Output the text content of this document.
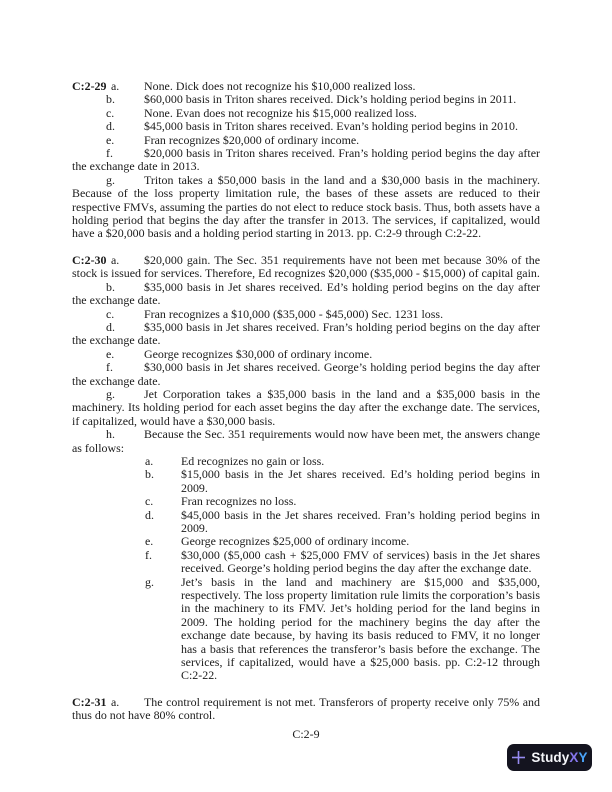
C:2-29 a. None. Dick does not recognize his $10,000 realized loss.

b. $60,000 basis in Triton shares received. Dick’s holding period begins in 2011.

c. None. Evan does not recognize his $15,000 realized loss.

d. $45,000 basis in Triton shares received. Evan’s holding period begins in 2010.

e. Fran recognizes $20,000 of ordinary income.

f.	$20,000 basis in Triton shares received. Fran’s holding period begins the day after the exchange date in 2013.

g. Triton takes a $50,000 basis in the land and a $30,000 basis in the machinery. Because of the loss property limitation rule, the bases of these assets are reduced to their respective FMVs, assuming the parties do not elect to reduce stock basis. Thus, both assets have a holding period that begins the day after the transfer in 2013. The services, if capitalized, would have a $20,000 basis and a holding period starting in 2013. pp. C:2-9 through C:2-22.

C:2-30 a. $20,000 gain. The Sec. 351 requirements have not been met because 30% of the stock is issued for services. Therefore, Ed recognizes $20,000 ($35,000 - $15,000) of capital gain.

b. $35,000 basis in Jet shares received. Ed’s holding period begins on the day after the exchange date.

c. Fran recognizes a $10,000 ($35,000 - $45,000) Sec. 1231 loss.

d. $35,000 basis in Jet shares received. Fran’s holding period begins on the day after the exchange date.

e. George recognizes $30,000 of ordinary income.

f.	$30,000 basis in Jet shares received. George’s holding period begins the day after the exchange date.

g. Jet Corporation takes a $35,000 basis in the land and a $35,000 basis in the machinery. Its holding period for each asset begins the day after the exchange date. The services, if capitalized, would have a $30,000 basis.

h. Because the Sec. 351 requirements would now have been met, the answers change as follows:

a. Ed recognizes no gain or loss.

b. $15,000 basis in the Jet shares received. Ed’s holding period begins in 2009.

c. Fran recognizes no loss.

d. $45,000 basis in the Jet shares received. Fran’s holding period begins in 2009.

e. George recognizes $25,000 of ordinary income.

f. $30,000 ($5,000 cash + $25,000 FMV of services) basis in the Jet shares received. George’s holding period begins the day after the exchange date.

g. Jet’s basis in the land and machinery are $15,000 and $35,000, respectively. The loss property limitation rule limits the corporation’s basis in the machinery to its FMV. Jet’s holding period for the land begins in 2009. The holding period for the machinery begins the day after the exchange date because, by having its basis reduced to FMV, it no longer has a basis that references the transferor’s basis before the exchange. The services, if capitalized, would have a $25,000 basis. pp. C:2-12 through C:2-22.

C:2-31 a. The control requirement is not met. Transferors of property receive only 75% and thus do not have 80% control.

C:2-9
Study X Y
